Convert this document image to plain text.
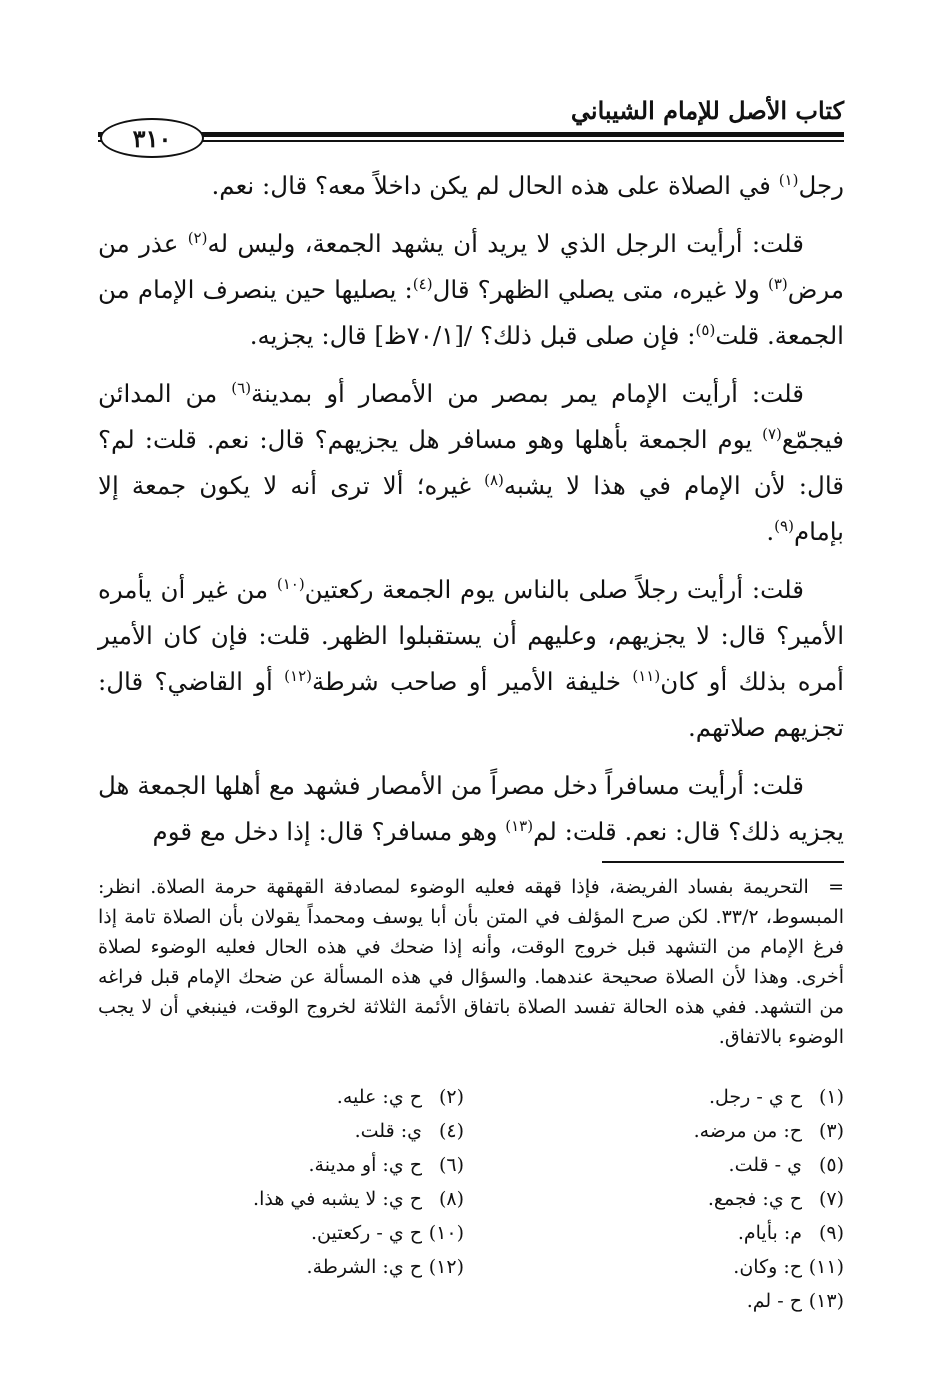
كتاب الأصل للإمام الشيباني
٣١٠

رجل$^{(١)}$ في الصلاة على هذه الحال لم يكن داخلاً معه؟ قال: نعم.

قلت: أرأيت الرجل الذي لا يريد أن يشهد الجمعة، وليس له$^{(٢)}$ عذر من مرض$^{(٣)}$ ولا غيره، متى يصلي الظهر؟ قال$^{(٤)}$: يصليها حين ينصرف الإمام من الجمعة. قلت$^{(٥)}$: فإن صلى قبل ذلك؟ /[٧٠/١ظ] قال: يجزيه.

قلت: أرأيت الإمام يمر بمصر من الأمصار أو بمدينة$^{(٦)}$ من المدائن فيجمّع$^{(٧)}$ يوم الجمعة بأهلها وهو مسافر هل يجزيهم؟ قال: نعم. قلت: لم؟ قال: لأن الإمام في هذا لا يشبه$^{(٨)}$ غيره؛ ألا ترى أنه لا يكون جمعة إلا بإمام$^{(٩)}$.

قلت: أرأيت رجلاً صلى بالناس يوم الجمعة ركعتين$^{(١٠)}$ من غير أن يأمره الأمير؟ قال: لا يجزيهم، وعليهم أن يستقبلوا الظهر. قلت: فإن كان الأمير أمره بذلك أو كان$^{(١١)}$ خليفة الأمير أو صاحب شرطة$^{(١٢)}$ أو القاضي؟ قال: تجزيهم صلاتهم.

قلت: أرأيت مسافراً دخل مصراً من الأمصار فشهد مع أهلها الجمعة هل يجزيه ذلك؟ قال: نعم. قلت: لم$^{(١٣)}$ وهو مسافر؟ قال: إذا دخل مع قوم

= التحريمة بفساد الفريضة، فإذا قهقه فعليه الوضوء لمصادفة القهقهة حرمة الصلاة. انظر: المبسوط، ٣٣/٢. لكن صرح المؤلف في المتن بأن أبا يوسف ومحمداً يقولان بأن الصلاة تامة إذا فرغ الإمام من التشهد قبل خروج الوقت، وأنه إذا ضحك في هذه الحال فعليه الوضوء لصلاة أخرى. وهذا لأن الصلاة صحيحة عندهما. والسؤال في هذه المسألة عن ضحك الإمام قبل فراغه من التشهد. ففي هذه الحالة تفسد الصلاة باتفاق الأئمة الثلاثة لخروج الوقت، فينبغي أن لا يجب الوضوء بالاتفاق.
(١)
ح ي - رجل.
(٢)
ح ي: عليه.
(٣)
ح: من مرضه.
(٤)
ي: قلت.
(٥)
ي - قلت.
(٦)
ح ي: أو مدينة.
(٧)
ح ي: فجمع.
(٨)
ح ي: لا يشبه في هذا.
(٩)
م: بأيام.
(١٠)
ح ي - ركعتين.
(١١)
ح: وكان.
(١٢)
ح ي: الشرطة.
(١٣)
ح - لم.
